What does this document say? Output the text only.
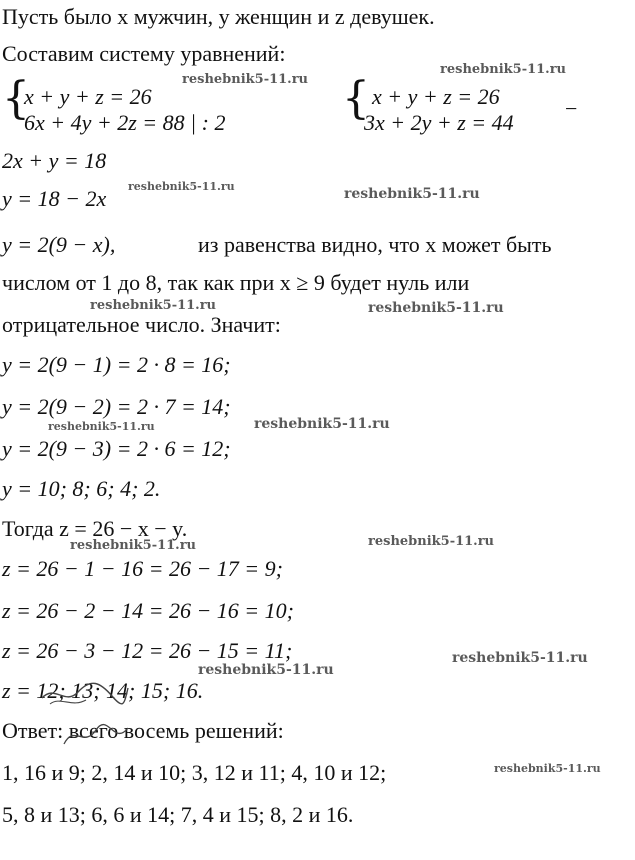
Пусть было x мужчин, y женщин и z девушек.
Составим систему уравнений:
{
x + y + z = 26
6x + 4y + 2z = 88 | : 2	{ x + y + z = 26
3x + 2y + z = 44
−
2x + y = 18
y = 18 − 2x
y = 2(9 − x),	из равенства видно, что x может быть
числом от 1 до 8, так как при x ≥ 9 будет нуль или
отрицательное число. Значит:
y = 2(9 − 1) = 2 · 8 = 16;
y = 2(9 − 2) = 2 · 7 = 14;
y = 2(9 − 3) = 2 · 6 = 12;
y = 10; 8; 6; 4; 2.
Тогда z = 26 − x − y.
z = 26 − 1 − 16 = 26 − 17 = 9;
z = 26 − 2 − 14 = 26 − 16 = 10;
z = 26 − 3 − 12 = 26 − 15 = 11;
z = 12; 13; 14; 15; 16.
Ответ: всего восемь решений:
1, 16 и 9; 2, 14 и 10; 3, 12 и 11; 4, 10 и 12;
5, 8 и 13; 6, 6 и 14; 7, 4 и 15; 8, 2 и 16.
reshebnik5-11.ru
reshebnik5-11.ru
reshebnik5-11.ru	reshebnik5-11.ru
reshebnik5-11.ru	reshebnik5-11.ru
reshebnik5-11.ru	reshebnik5-11.ru
reshebnik5-11.ru	reshebnik5-11.ru
reshebnik5-11.ru
reshebnik5-11.ru
reshebnik5-11.ru
